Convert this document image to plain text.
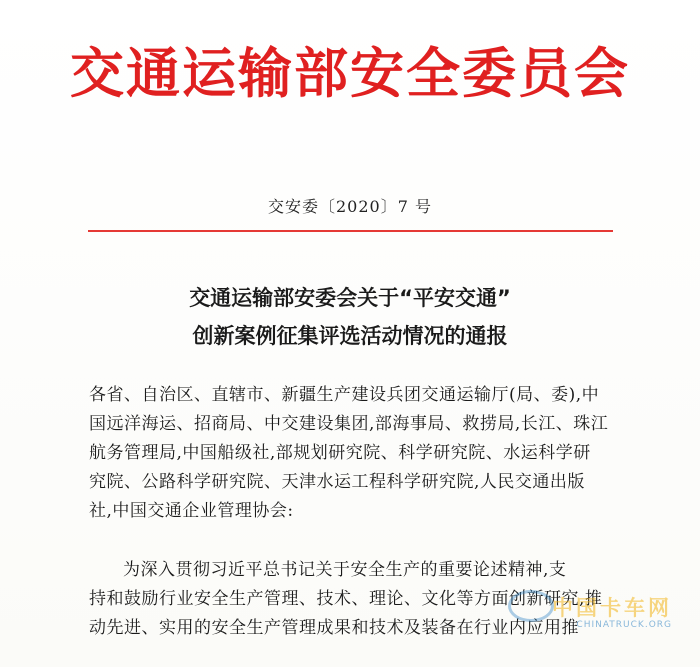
交通运输部安全委员会
交安委〔2020〕7 号
交通运输部安委会关于“平安交通”
创新案例征集评选活动情况的通报
各省、自治区、直辖市、新疆生产建设兵团交通运输厅(局、委),中
国远洋海运、招商局、中交建设集团,部海事局、救捞局,长江、珠江
航务管理局,中国船级社,部规划研究院、科学研究院、水运科学研
究院、公路科学研究院、天津水运工程科学研究院,人民交通出版
社,中国交通企业管理协会:
为深入贯彻习近平总书记关于安全生产的重要论述精神,支
持和鼓励行业安全生产管理、技术、理论、文化等方面创新研究,推
动先进、实用的安全生产管理成果和技术及装备在行业内应用推
中国卡车网
CHINATRUCK.ORG
